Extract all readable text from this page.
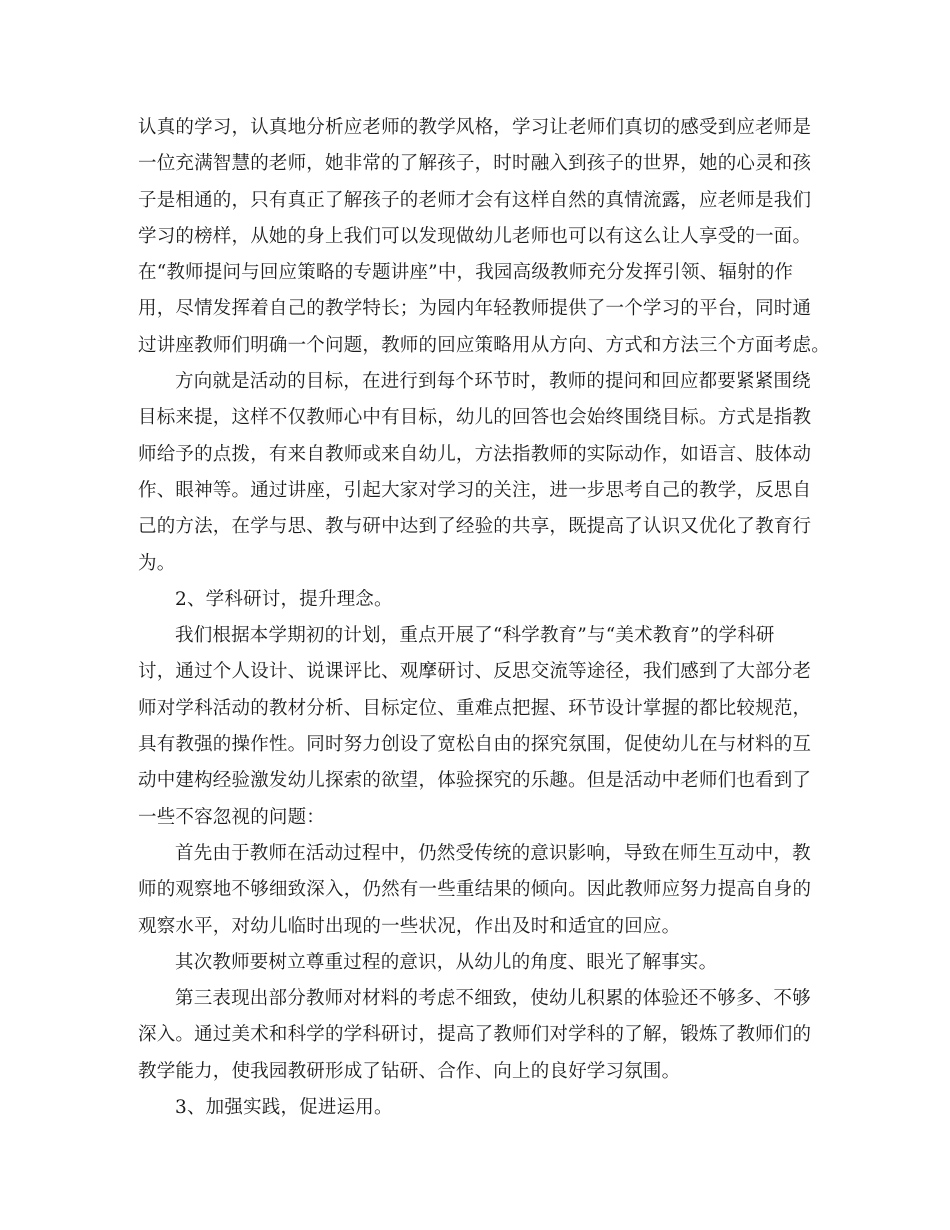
认真的学习，认真地分析应老师的教学风格，学习让老师们真切的感受到应老师是
一位充满智慧的老师，她非常的了解孩子，时时融入到孩子的世界，她的心灵和孩
子是相通的，只有真正了解孩子的老师才会有这样自然的真情流露，应老师是我们
学习的榜样，从她的身上我们可以发现做幼儿老师也可以有这么让人享受的一面。
在“教师提问与回应策略的专题讲座”中，我园高级教师充分发挥引领、辐射的作
用，尽情发挥着自己的教学特长；为园内年轻教师提供了一个学习的平台，同时通
过讲座教师们明确一个问题，教师的回应策略用从方向、方式和方法三个方面考虑。
方向就是活动的目标，在进行到每个环节时，教师的提问和回应都要紧紧围绕
目标来提，这样不仅教师心中有目标，幼儿的回答也会始终围绕目标。方式是指教
师给予的点拨，有来自教师或来自幼儿，方法指教师的实际动作，如语言、肢体动
作、眼神等。通过讲座，引起大家对学习的关注，进一步思考自己的教学，反思自
己的方法，在学与思、教与研中达到了经验的共享，既提高了认识又优化了教育行
为。
2、学科研讨，提升理念。
我们根据本学期初的计划，重点开展了“科学教育”与“美术教育”的学科研
讨，通过个人设计、说课评比、观摩研讨、反思交流等途径，我们感到了大部分老
师对学科活动的教材分析、目标定位、重难点把握、环节设计掌握的都比较规范，
具有教强的操作性。同时努力创设了宽松自由的探究氛围，促使幼儿在与材料的互
动中建构经验激发幼儿探索的欲望，体验探究的乐趣。但是活动中老师们也看到了
一些不容忽视的问题：
首先由于教师在活动过程中，仍然受传统的意识影响，导致在师生互动中，教
师的观察地不够细致深入，仍然有一些重结果的倾向。因此教师应努力提高自身的
观察水平，对幼儿临时出现的一些状况，作出及时和适宜的回应。
其次教师要树立尊重过程的意识，从幼儿的角度、眼光了解事实。
第三表现出部分教师对材料的考虑不细致，使幼儿积累的体验还不够多、不够
深入。通过美术和科学的学科研讨，提高了教师们对学科的了解，锻炼了教师们的
教学能力，使我园教研形成了钻研、合作、向上的良好学习氛围。
3、加强实践，促进运用。
